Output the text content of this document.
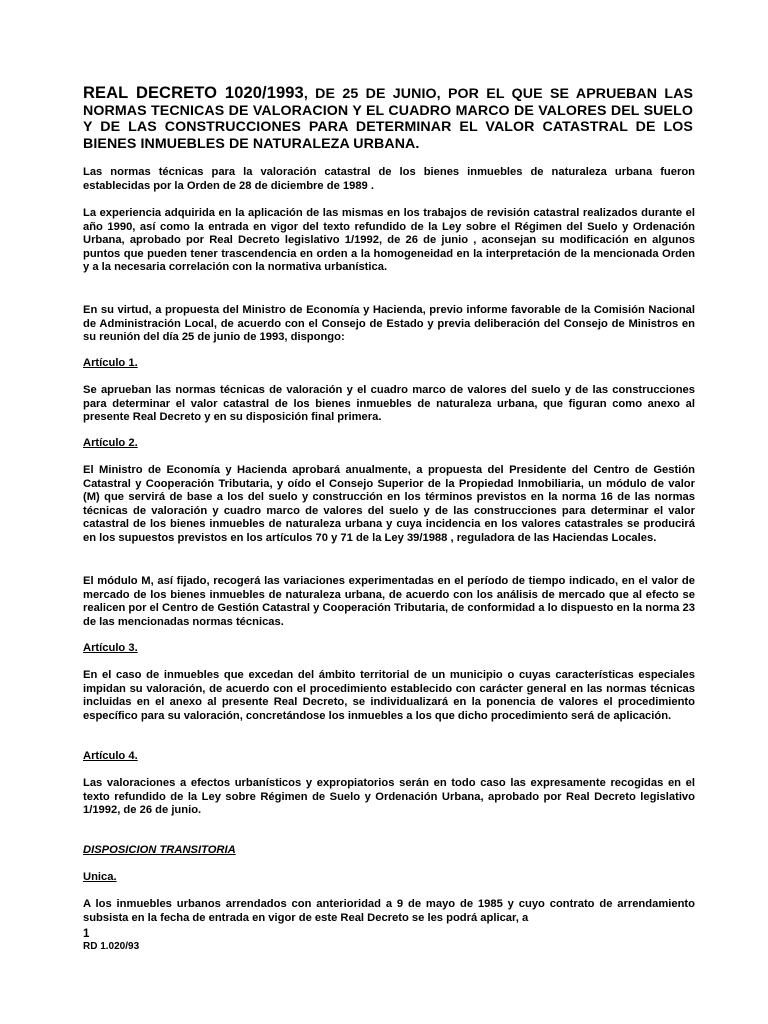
REAL DECRETO 1020/1993, DE 25 DE JUNIO, POR EL QUE SE APRUEBAN LAS NORMAS TECNICAS DE VALORACION Y EL CUADRO MARCO DE VALORES DEL SUELO Y DE LAS CONSTRUCCIONES PARA DETERMINAR EL VALOR CATASTRAL DE LOS BIENES INMUEBLES DE NATURALEZA URBANA.

Las normas técnicas para la valoración catastral de los bienes inmuebles de naturaleza urbana fueron establecidas por la Orden de 28 de diciembre de 1989 .

La experiencia adquirida en la aplicación de las mismas en los trabajos de revisión catastral realizados durante el año 1990, así como la entrada en vigor del texto refundido de la Ley sobre el Régimen del Suelo y Ordenación Urbana, aprobado por Real Decreto legislativo 1/1992, de 26 de junio , aconsejan su modificación en algunos puntos que pueden tener trascendencia en orden a la homogeneidad en la interpretación de la mencionada Orden y a la necesaria correlación con la normativa urbanística.

En su virtud, a propuesta del Ministro de Economía y Hacienda, previo informe favorable de la Comisión Nacional de Administración Local, de acuerdo con el Consejo de Estado y previa deliberación del Consejo de Ministros en su reunión del día 25 de junio de 1993, dispongo:

Artículo 1.

Se aprueban las normas técnicas de valoración y el cuadro marco de valores del suelo y de las construcciones para determinar el valor catastral de los bienes inmuebles de naturaleza urbana, que figuran como anexo al presente Real Decreto y en su disposición final primera.

Artículo 2.

El Ministro de Economía y Hacienda aprobará anualmente, a propuesta del Presidente del Centro de Gestión Catastral y Cooperación Tributaria, y oído el Consejo Superior de la Propiedad Inmobiliaria, un módulo de valor (M) que servirá de base a los del suelo y construcción en los términos previstos en la norma 16 de las normas técnicas de valoración y cuadro marco de valores del suelo y de las construcciones para determinar el valor catastral de los bienes inmuebles de naturaleza urbana y cuya incidencia en los valores catastrales se producirá en los supuestos previstos en los artículos 70 y 71 de la Ley 39/1988 , reguladora de las Haciendas Locales.

El módulo M, así fijado, recogerá las variaciones experimentadas en el período de tiempo indicado, en el valor de mercado de los bienes inmuebles de naturaleza urbana, de acuerdo con los análisis de mercado que al efecto se realicen por el Centro de Gestión Catastral y Cooperación Tributaria, de conformidad a lo dispuesto en la norma 23 de las mencionadas normas técnicas.

Artículo 3.

En el caso de inmuebles que excedan del ámbito territorial de un municipio o cuyas características especiales impidan su valoración, de acuerdo con el procedimiento establecido con carácter general en las normas técnicas incluidas en el anexo al presente Real Decreto, se individualizará en la ponencia de valores el procedimiento específico para su valoración, concretándose los inmuebles a los que dicho procedimiento será de aplicación.

Artículo 4.

Las valoraciones a efectos urbanísticos y expropiatorios serán en todo caso las expresamente recogidas en el texto refundido de la Ley sobre Régimen de Suelo y Ordenación Urbana, aprobado por Real Decreto legislativo 1/1992, de 26 de junio.

DISPOSICION TRANSITORIA

Unica.

A los inmuebles urbanos arrendados con anterioridad a 9 de mayo de 1985 y cuyo contrato de arrendamiento subsista en la fecha de entrada en vigor de este Real Decreto se les podrá aplicar, a

1

RD 1.020/93
